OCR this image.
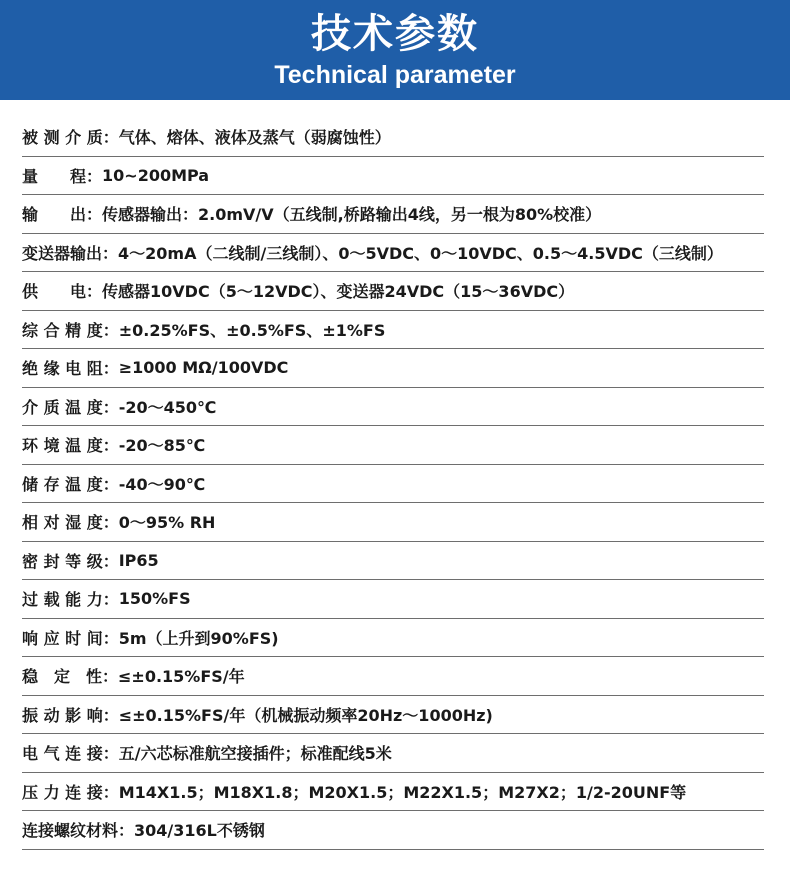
技术参数
Technical parameter
被 测 介 质： 气体、熔体、液体及蒸气（弱腐蚀性）
量　　程： 10~200MPa
输　　出： 传感器输出：2.0mV/V（五线制,桥路输出4线，另一根为80%校准）
变送器输出： 4～20mA（二线制/三线制）、0～5VDC、0～10VDC、0.5～4.5VDC（三线制）
供　　电： 传感器10VDC（5～12VDC）、变送器24VDC（15～36VDC）
综 合 精 度： ±0.25%FS、±0.5%FS、±1%FS
绝 缘 电 阻： ≥1000 MΩ/100VDC
介 质 温 度： -20～450℃
环 境 温 度： -20～85℃
储 存 温 度： -40～90℃
相 对 湿 度： 0～95% RH
密 封 等 级： IP65
过 载 能 力： 150%FS
响 应 时 间： 5m（上升到90%FS)
稳　定　性： ≤±0.15%FS/年
振 动 影 响： ≤±0.15%FS/年（机械振动频率20Hz～1000Hz)
电 气 连 接： 五/六芯标准航空接插件；标准配线5米
压 力 连 接： M14X1.5；M18X1.8；M20X1.5；M22X1.5；M27X2；1/2-20UNF等
连接螺纹材料： 304/316L不锈钢
